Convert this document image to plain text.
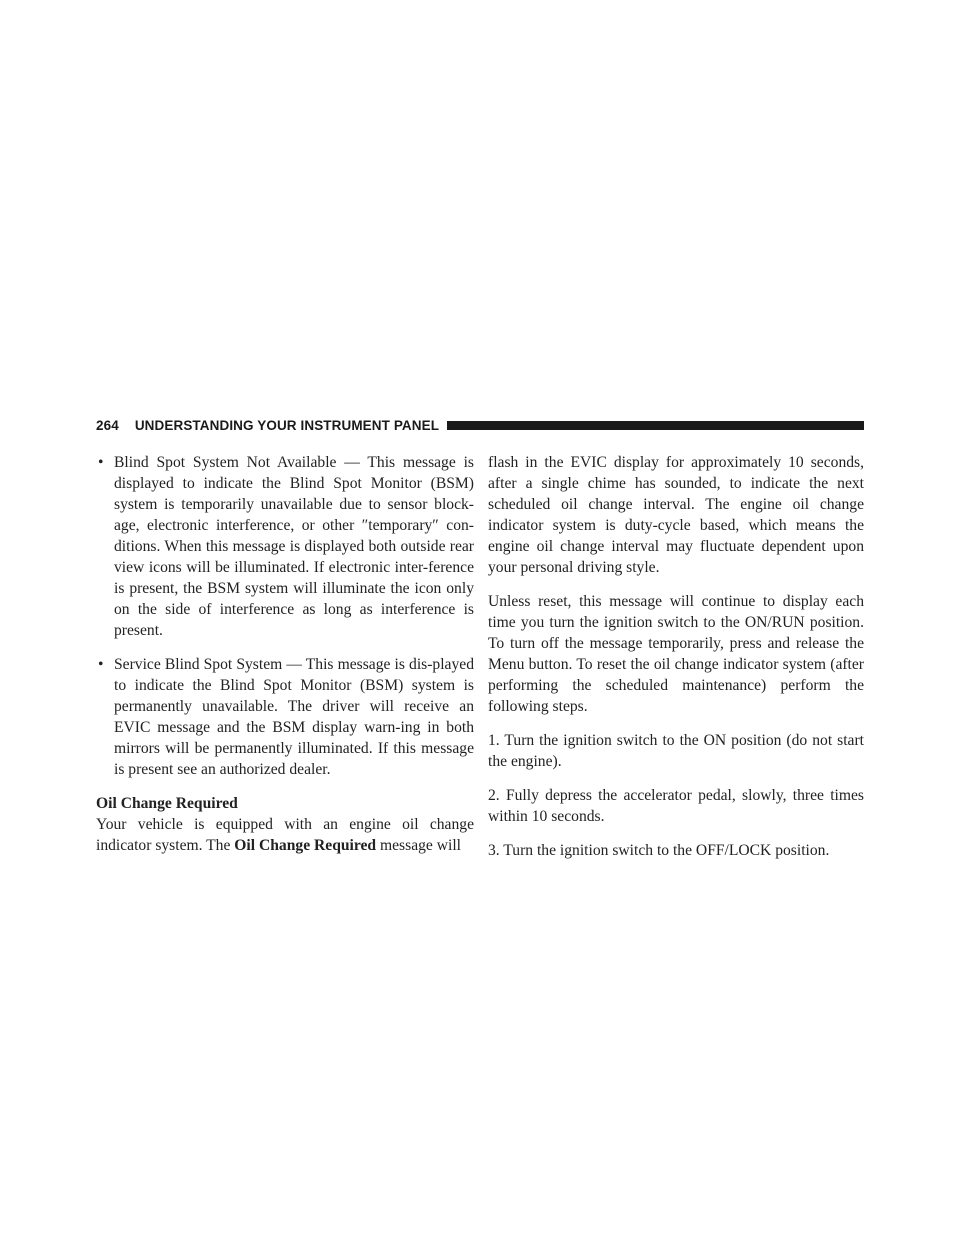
264	UNDERSTANDING YOUR INSTRUMENT PANEL
• Blind Spot System Not Available — This message is displayed to indicate the Blind Spot Monitor (BSM) system is temporarily unavailable due to sensor block-age, electronic interference, or other ″temporary″ con-ditions. When this message is displayed both outside rear view icons will be illuminated. If electronic inter-ference is present, the BSM system will illuminate the icon only on the side of interference as long as interference is present.
• Service Blind Spot System — This message is dis-played to indicate the Blind Spot Monitor (BSM) system is permanently unavailable. The driver will receive an EVIC message and the BSM display warn-ing in both mirrors will be permanently illuminated. If this message is present see an authorized dealer.

Oil Change Required

Your vehicle is equipped with an engine oil change indicator system. The Oil Change Required message will

flash in the EVIC display for approximately 10 seconds, after a single chime has sounded, to indicate the next scheduled oil change interval. The engine oil change indicator system is duty-cycle based, which means the engine oil change interval may fluctuate dependent upon your personal driving style.

Unless reset, this message will continue to display each time you turn the ignition switch to the ON/RUN position. To turn off the message temporarily, press and release the Menu button. To reset the oil change indicator system (after performing the scheduled maintenance) perform the following steps.

1. Turn the ignition switch to the ON position (do not start the engine).

2. Fully depress the accelerator pedal, slowly, three times within 10 seconds.

3. Turn the ignition switch to the OFF/LOCK position.
